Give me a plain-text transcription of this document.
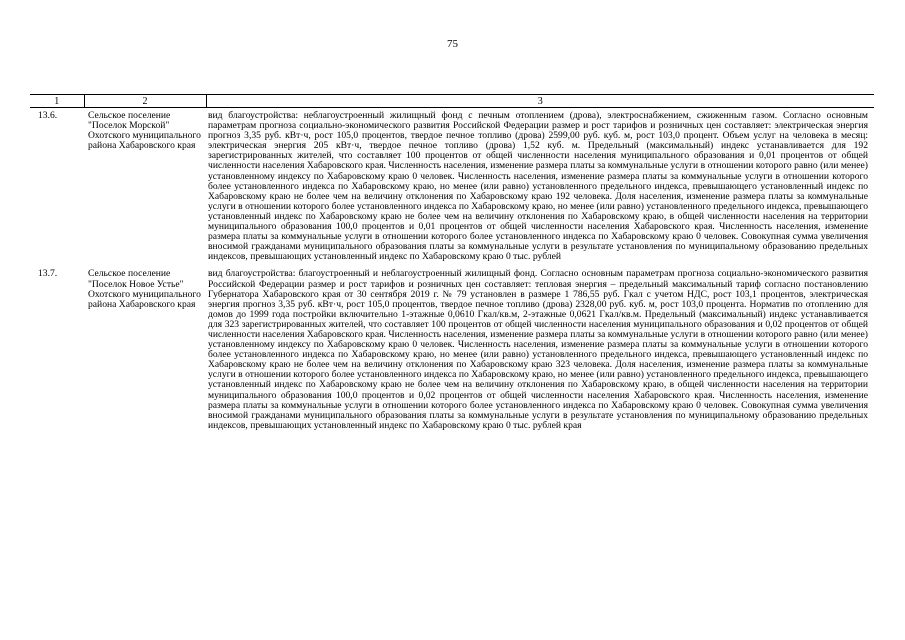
75
1	2	3
13.6.	Сельское поселение "Поселок Морской" Охотского муниципального района Хабаровского края	вид благоустройства: неблагоустроенный жилищный фонд с печным отоплением (дрова), электроснабжением, сжиженным газом. Согласно основным параметрам прогноза социально-экономического развития Российской Федерации размер и рост тарифов и розничных цен составляет: электрическая энергия прогноз 3,35 руб. кВт·ч, рост 105,0 процентов, твердое печное топливо (дрова) 2599,00 руб. куб. м, рост 103,0 процент. Объем услуг на человека в месяц: электрическая энергия 205 кВт·ч, твердое печное топливо (дрова) 1,52 куб. м. Предельный (максимальный) индекс устанавливается для 192 зарегистрированных жителей, что составляет 100 процентов от общей численности населения муниципального образования и 0,01 процентов от общей численности населения Хабаровского края. Численность населения, изменение размера платы за коммунальные услуги в отношении которого равно (или менее) установленному индексу по Хабаровскому краю 0 человек. Численность населения, изменение размера платы за коммунальные услуги в отношении которого более установленного индекса по Хабаровскому краю, но менее (или равно) установленного предельного индекса, превышающего установленный индекс по Хабаровскому краю не более чем на величину отклонения по Хабаровскому краю 192 человека. Доля населения, изменение размера платы за коммунальные услуги в отношении которого более установленного индекса по Хабаровскому краю, но менее (или равно) установленного предельного индекса, превышающего установленный индекс по Хабаровскому краю не более чем на величину отклонения по Хабаровскому краю, в общей численности населения на территории муниципального образования 100,0 процентов и 0,01 процентов от общей численности населения Хабаровского края. Численность населения, изменение размера платы за коммунальные услуги в отношении которого более установленного индекса по Хабаровскому краю 0 человек. Совокупная сумма увеличения вносимой гражданами муниципального образования платы за коммунальные услуги в результате установления по муниципальному образованию предельных индексов, превышающих установленный индекс по Хабаровскому краю 0 тыс. рублей
13.7.	Сельское поселение "Поселок Новое Устье" Охотского муниципального района Хабаровского края	вид благоустройства: благоустроенный и неблагоустроенный жилищный фонд. Согласно основным параметрам прогноза социально-экономического развития Российской Федерации размер и рост тарифов и розничных цен составляет: тепловая энергия – предельный максимальный тариф согласно постановлению Губернатора Хабаровского края от 30 сентября 2019 г. № 79 установлен в размере 1 786,55 руб. Гкал с учетом НДС, рост 103,1 процентов, электрическая энергия прогноз 3,35 руб. кВт·ч, рост 105,0 процентов, твердое печное топливо (дрова) 2328,00 руб. куб. м, рост 103,0 процента. Норматив по отоплению для домов до 1999 года постройки включительно 1-этажные 0,0610 Гкал/кв.м, 2-этажные 0,0621 Гкал/кв.м. Предельный (максимальный) индекс устанавливается для 323 зарегистрированных жителей, что составляет 100 процентов от общей численности населения муниципального образования и 0,02 процентов от общей численности населения Хабаровского края. Численность населения, изменение размера платы за коммунальные услуги в отношении которого равно (или менее) установленному индексу по Хабаровскому краю 0 человек. Численность населения, изменение размера платы за коммунальные услуги в отношении которого более установленного индекса по Хабаровскому краю, но менее (или равно) установленного предельного индекса, превышающего установленный индекс по Хабаровскому краю не более чем на величину отклонения по Хабаровскому краю 323 человека. Доля населения, изменение размера платы за коммунальные услуги в отношении которого более установленного индекса по Хабаровскому краю, но менее (или равно) установленного предельного индекса, превышающего установленный индекс по Хабаровскому краю не более чем на величину отклонения по Хабаровскому краю, в общей численности населения на территории муниципального образования 100,0 процентов и 0,02 процентов от общей численности населения Хабаровского края. Численность населения, изменение размера платы за коммунальные услуги в отношении которого более установленного индекса по Хабаровскому краю 0 человек. Совокупная сумма увеличения вносимой гражданами муниципального образования платы за коммунальные услуги в результате установления по муниципальному образованию предельных индексов, превышающих установленный индекс по Хабаровскому краю 0 тыс. рублей края
